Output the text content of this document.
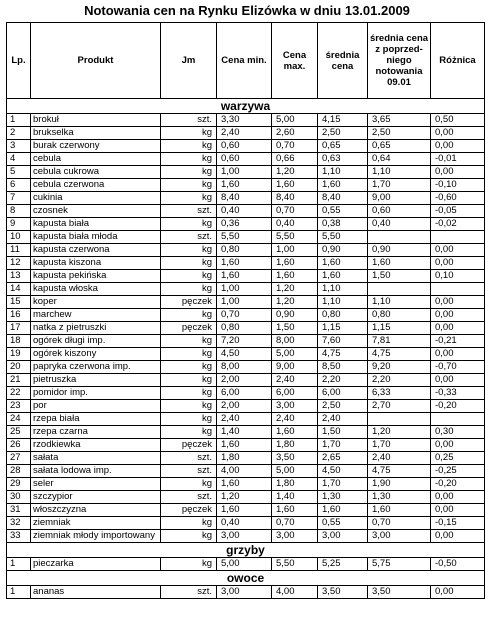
Notowania cen na Rynku Elizówka w dniu 13.01.2009
Lp.	Produkt	Jm	Cena min.	Cena max.	średnia cena	średnia cena z poprzed-niego notowania 09.01	Różnica
warzywa							
1	brokuł	szt.	3,30	5,00	4,15	3,65	0,50
2	brukselka	kg	2,40	2,60	2,50	2,50	0,00
3	burak czerwony	kg	0,60	0,70	0,65	0,65	0,00
4	cebula	kg	0,60	0,66	0,63	0,64	-0,01
5	cebula cukrowa	kg	1,00	1,20	1,10	1,10	0,00
6	cebula czerwona	kg	1,60	1,60	1,60	1,70	-0,10
7	cukinia	kg	8,40	8,40	8,40	9,00	-0,60
8	czosnek	szt.	0,40	0,70	0,55	0,60	-0,05
9	kapusta biała	kg	0,36	0,40	0,38	0,40	-0,02
10	kapusta biała młoda	szt.	5,50	5,50	5,50		
11	kapusta czerwona	kg	0,80	1,00	0,90	0,90	0,00
12	kapusta kiszona	kg	1,60	1,60	1,60	1,60	0,00
13	kapusta pekińska	kg	1,60	1,60	1,60	1,50	0,10
14	kapusta włoska	kg	1,00	1,20	1,10		
15	koper	pęczek	1,00	1,20	1,10	1,10	0,00
16	marchew	kg	0,70	0,90	0,80	0,80	0,00
17	natka z pietruszki	pęczek	0,80	1,50	1,15	1,15	0,00
18	ogórek długi imp.	kg	7,20	8,00	7,60	7,81	-0,21
19	ogórek kiszony	kg	4,50	5,00	4,75	4,75	0,00
20	papryka czerwona imp.	kg	8,00	9,00	8,50	9,20	-0,70
21	pietruszka	kg	2,00	2,40	2,20	2,20	0,00
22	pomidor imp.	kg	6,00	6,00	6,00	6,33	-0,33
23	por	kg	2,00	3,00	2,50	2,70	-0,20
24	rzepa biała	kg	2,40	2,40	2,40		
25	rzepa czarna	kg	1,40	1,60	1,50	1,20	0,30
26	rzodkiewka	pęczek	1,60	1,80	1,70	1,70	0,00
27	sałata	szt.	1,80	3,50	2,65	2,40	0,25
28	sałata lodowa imp.	szt.	4,00	5,00	4,50	4,75	-0,25
29	seler	kg	1,60	1,80	1,70	1,90	-0,20
30	szczypior	szt.	1,20	1,40	1,30	1,30	0,00
31	włoszczyzna	pęczek	1,60	1,60	1,60	1,60	0,00
32	ziemniak	kg	0,40	0,70	0,55	0,70	-0,15
33	ziemniak młody importowany	kg	3,00	3,00	3,00	3,00	0,00
grzyby							
1	pieczarka	kg	5,00	5,50	5,25	5,75	-0,50
owoce							
1	ananas	szt.	3,00	4,00	3,50	3,50	0,00
